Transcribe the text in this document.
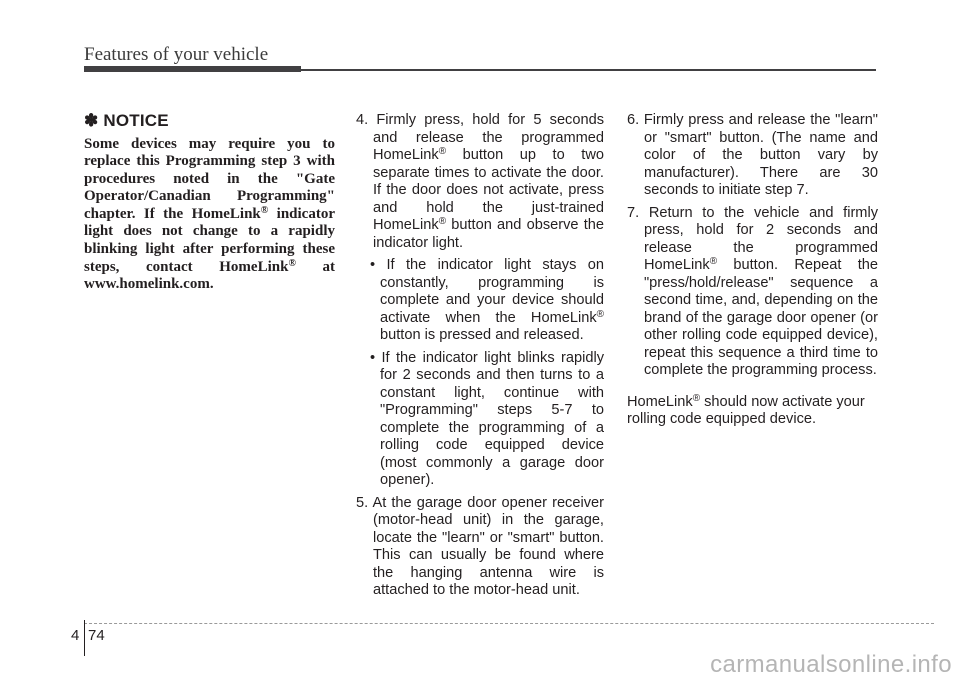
Features of your vehicle
✽ NOTICE
Some devices may require you to replace this Programming step 3 with procedures noted in the "Gate Operator/Canadian Programming" chapter. If the HomeLink® indicator light does not change to a rapidly blinking light after performing these steps, contact HomeLink® at www.homelink.com.

4. Firmly press, hold for 5 seconds and release the programmed HomeLink® button up to two separate times to activate the door. If the door does not activate, press and hold the just-trained HomeLink® button and observe the indicator light.

• If the indicator light stays on constantly, programming is complete and your device should activate when the HomeLink® button is pressed and released.

• If the indicator light blinks rapidly for 2 seconds and then turns to a constant light, continue with "Programming" steps 5-7 to complete the programming of a rolling code equipped device (most commonly a garage door opener).

5. At the garage door opener receiver (motor-head unit) in the garage, locate the "learn" or "smart" button. This can usually be found where the hanging antenna wire is attached to the motor-head unit.

6. Firmly press and release the "learn" or "smart" button. (The name and color of the button vary by manufacturer). There are 30 seconds to initiate step 7.

7. Return to the vehicle and firmly press, hold for 2 seconds and release the programmed HomeLink® button. Repeat the "press/hold/release" sequence a second time, and, depending on the brand of the garage door opener (or other rolling code equipped device), repeat this sequence a third time to complete the programming process.

HomeLink® should now activate your rolling code equipped device.

4 74
carmanualsonline.info
